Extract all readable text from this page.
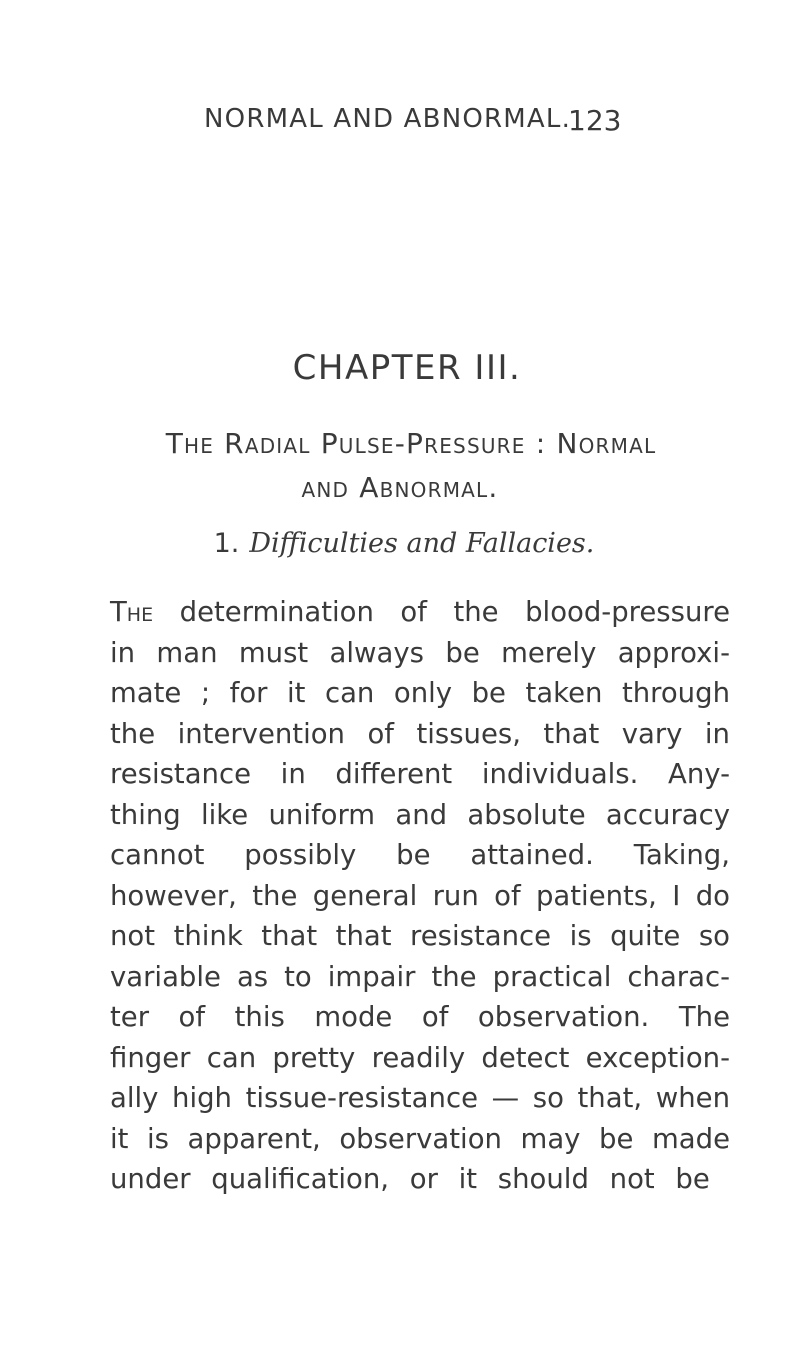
NORMAL AND ABNORMAL.
123
CHAPTER III.
The Radial Pulse-Pressure : Normal
and Abnormal.
1. Difficulties and Fallacies.
The determination of the blood-pressure
in man must always be merely approxi-
mate ; for it can only be taken through
the intervention of tissues, that vary in
resistance in different individuals. Any-
thing like uniform and absolute accuracy
cannot possibly be attained. Taking,
however, the general run of patients, I do
not think that that resistance is quite so
variable as to impair the practical charac-
ter of this mode of observation. The
finger can pretty readily detect exception-
ally high tissue-resistance — so that, when
it is apparent, observation may be made
under qualification, or it should not be
